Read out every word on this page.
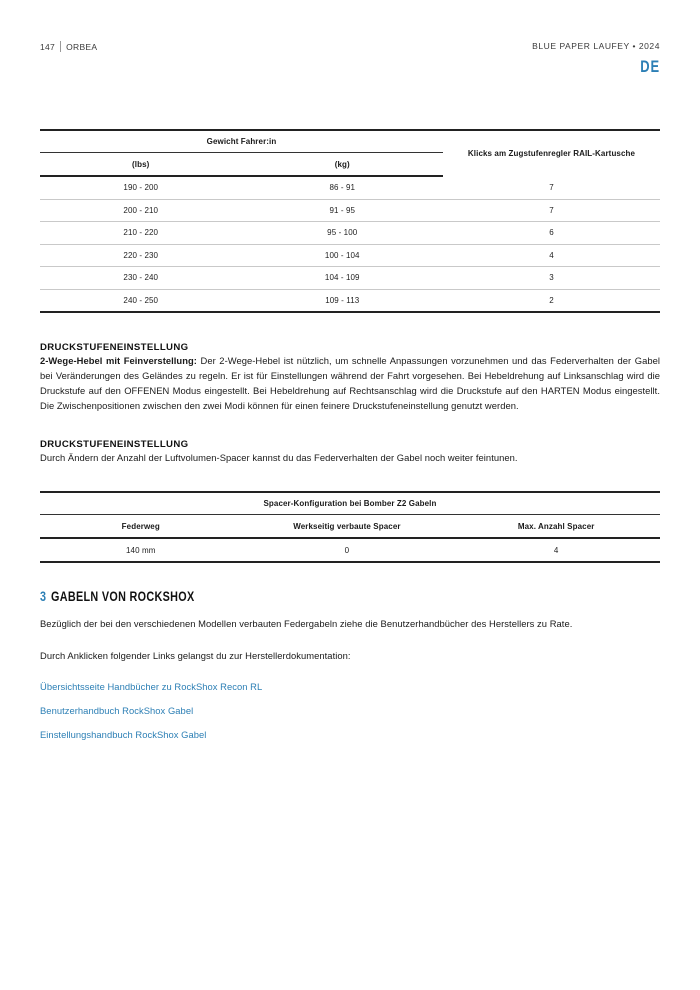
147 ORBEA	BLUE PAPER LAUFEY • 2024
DE
Gewicht Fahrer:in		Klicks am Zugstufenregler RAIL-Kartusche
(lbs)	(kg)	
190 - 200	86 - 91	7
200 - 210	91 - 95	7
210 - 220	95 - 100	6
220 - 230	100 - 104	4
230 - 240	104 - 109	3
240 - 250	109 - 113	2
DRUCKSTUFENEINSTELLUNG

2-Wege-Hebel mit Feinverstellung: Der 2-Wege-Hebel ist nützlich, um schnelle Anpassungen vorzunehmen und das Federverhalten der Gabel bei Veränderungen des Geländes zu regeln. Er ist für Einstellungen während der Fahrt vorgesehen. Bei Hebeldrehung auf Linksanschlag wird die Druckstufe auf den OFFENEN Modus eingestellt. Bei Hebeldrehung auf Rechtsanschlag wird die Druckstufe auf den HARTEN Modus eingestellt. Die Zwischenpositionen zwischen den zwei Modi können für einen feinere Druckstufeneinstellung genutzt werden.

DRUCKSTUFENEINSTELLUNG

Durch Ändern der Anzahl der Luftvolumen-Spacer kannst du das Federverhalten der Gabel noch weiter feintunen.

Spacer-Konfiguration bei Bomber Z2 Gabeln		
Federweg	Werkseitig verbaute Spacer	Max. Anzahl Spacer
140 mm	0	4
3 GABELN VON ROCKSHOX

Bezüglich der bei den verschiedenen Modellen verbauten Federgabeln ziehe die Benutzerhandbücher des Herstellers zu Rate.

Durch Anklicken folgender Links gelangst du zur Herstellerdokumentation:

Übersichtsseite Handbücher zu RockShox Recon RL
Benutzerhandbuch RockShox Gabel
Einstellungshandbuch RockShox Gabel
